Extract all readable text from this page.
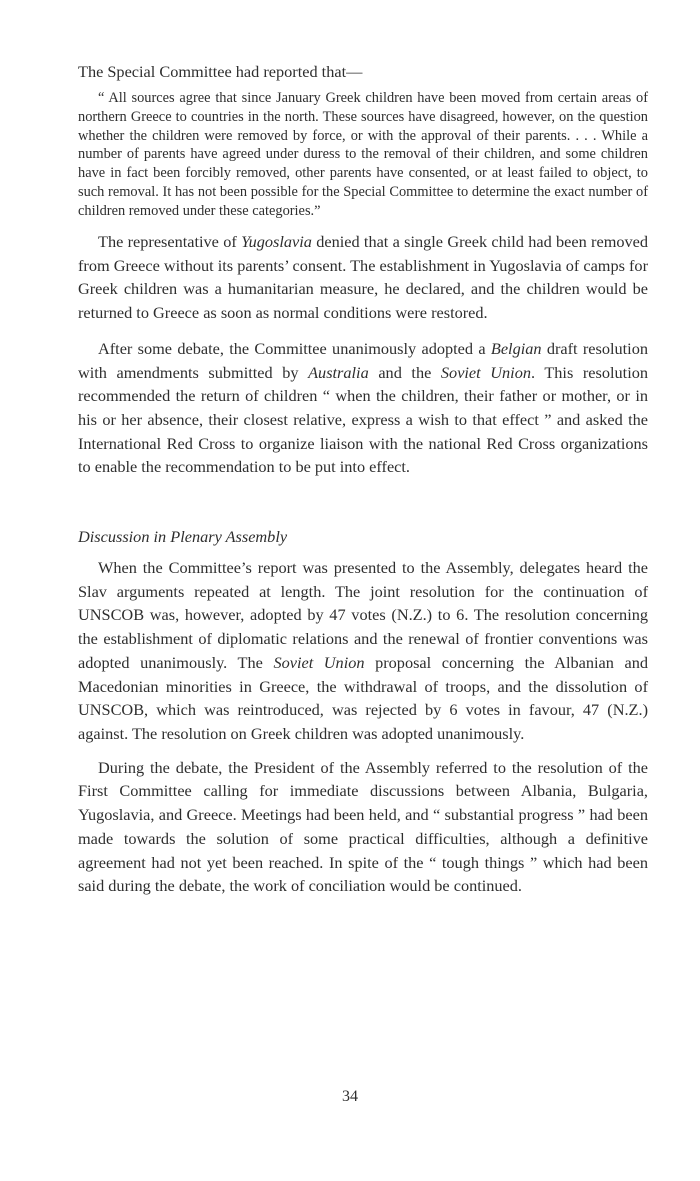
The Special Committee had reported that—

“ All sources agree that since January Greek children have been moved from certain areas of northern Greece to countries in the north. These sources have disagreed, however, on the question whether the children were removed by force, or with the approval of their parents. . . . While a number of parents have agreed under duress to the removal of their children, and some children have in fact been forcibly removed, other parents have consented, or at least failed to object, to such removal. It has not been possible for the Special Committee to determine the exact number of children removed under these categories.”

The representative of Yugoslavia denied that a single Greek child had been removed from Greece without its parents’ consent. The establishment in Yugoslavia of camps for Greek children was a humanitarian measure, he declared, and the children would be returned to Greece as soon as normal conditions were restored.

After some debate, the Committee unanimously adopted a Belgian draft resolution with amendments submitted by Australia and the Soviet Union. This resolution recommended the return of children “ when the children, their father or mother, or in his or her absence, their closest relative, express a wish to that effect ” and asked the International Red Cross to organize liaison with the national Red Cross organizations to enable the recommendation to be put into effect.

Discussion in Plenary Assembly

When the Committee’s report was presented to the Assembly, delegates heard the Slav arguments repeated at length. The joint resolution for the continuation of UNSCOB was, however, adopted by 47 votes (N.Z.) to 6. The resolution concerning the establishment of diplomatic relations and the renewal of frontier conventions was adopted unanimously. The Soviet Union proposal concerning the Albanian and Macedonian minorities in Greece, the withdrawal of troops, and the dissolution of UNSCOB, which was reintroduced, was rejected by 6 votes in favour, 47 (N.Z.) against. The resolution on Greek children was adopted unanimously.

During the debate, the President of the Assembly referred to the resolution of the First Committee calling for immediate discussions between Albania, Bulgaria, Yugoslavia, and Greece. Meetings had been held, and “ substantial progress ” had been made towards the solution of some practical difficulties, although a definitive agreement had not yet been reached. In spite of the “ tough things ” which had been said during the debate, the work of conciliation would be continued.

34
